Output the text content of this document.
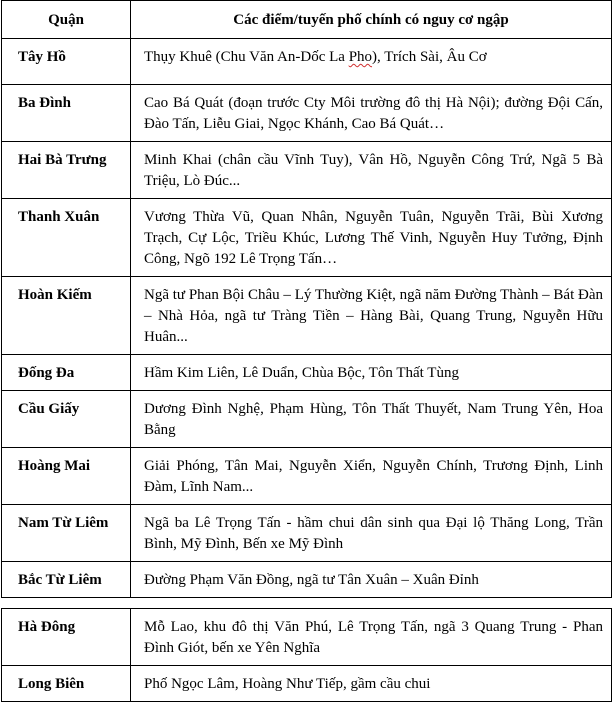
Quận	Các điểm/tuyến phố chính có nguy cơ ngập
Tây Hồ	Thụy Khuê (Chu Văn An-Dốc La Pho), Trích Sài, Âu Cơ
Ba Đình	Cao Bá Quát (đoạn trước Cty Môi trường đô thị Hà Nội); đường Đội Cấn, Đào Tấn, Liễu Giai, Ngọc Khánh, Cao Bá Quát…
Hai Bà Trưng	Minh Khai (chân cầu Vĩnh Tuy), Vân Hồ, Nguyễn Công Trứ, Ngã 5 Bà Triệu, Lò Đúc...
Thanh Xuân	Vương Thừa Vũ, Quan Nhân, Nguyễn Tuân, Nguyễn Trãi, Bùi Xương Trạch, Cự Lộc, Triều Khúc, Lương Thế Vinh, Nguyễn Huy Tưởng, Định Công, Ngõ 192 Lê Trọng Tấn…
Hoàn Kiếm	Ngã tư Phan Bội Châu – Lý Thường Kiệt, ngã năm Đường Thành – Bát Đàn – Nhà Hỏa, ngã tư Tràng Tiền – Hàng Bài, Quang Trung, Nguyễn Hữu Huân...
Đống Đa	Hầm Kim Liên, Lê Duẩn, Chùa Bộc, Tôn Thất Tùng
Cầu Giấy	Dương Đình Nghệ, Phạm Hùng, Tôn Thất Thuyết, Nam Trung Yên, Hoa Bằng
Hoàng Mai	Giải Phóng, Tân Mai, Nguyễn Xiển, Nguyễn Chính, Trương Định, Linh Đàm, Lĩnh Nam...
Nam Từ Liêm	Ngã ba Lê Trọng Tấn - hầm chui dân sinh qua Đại lộ Thăng Long, Trần Bình, Mỹ Đình, Bến xe Mỹ Đình
Bắc Từ Liêm	Đường Phạm Văn Đồng, ngã tư Tân Xuân – Xuân Đỉnh
Hà Đông	Mỗ Lao, khu đô thị Văn Phú, Lê Trọng Tấn, ngã 3 Quang Trung - Phan Đình Giót, bến xe Yên Nghĩa
Long Biên	Phố Ngọc Lâm, Hoàng Như Tiếp, gầm cầu chui
